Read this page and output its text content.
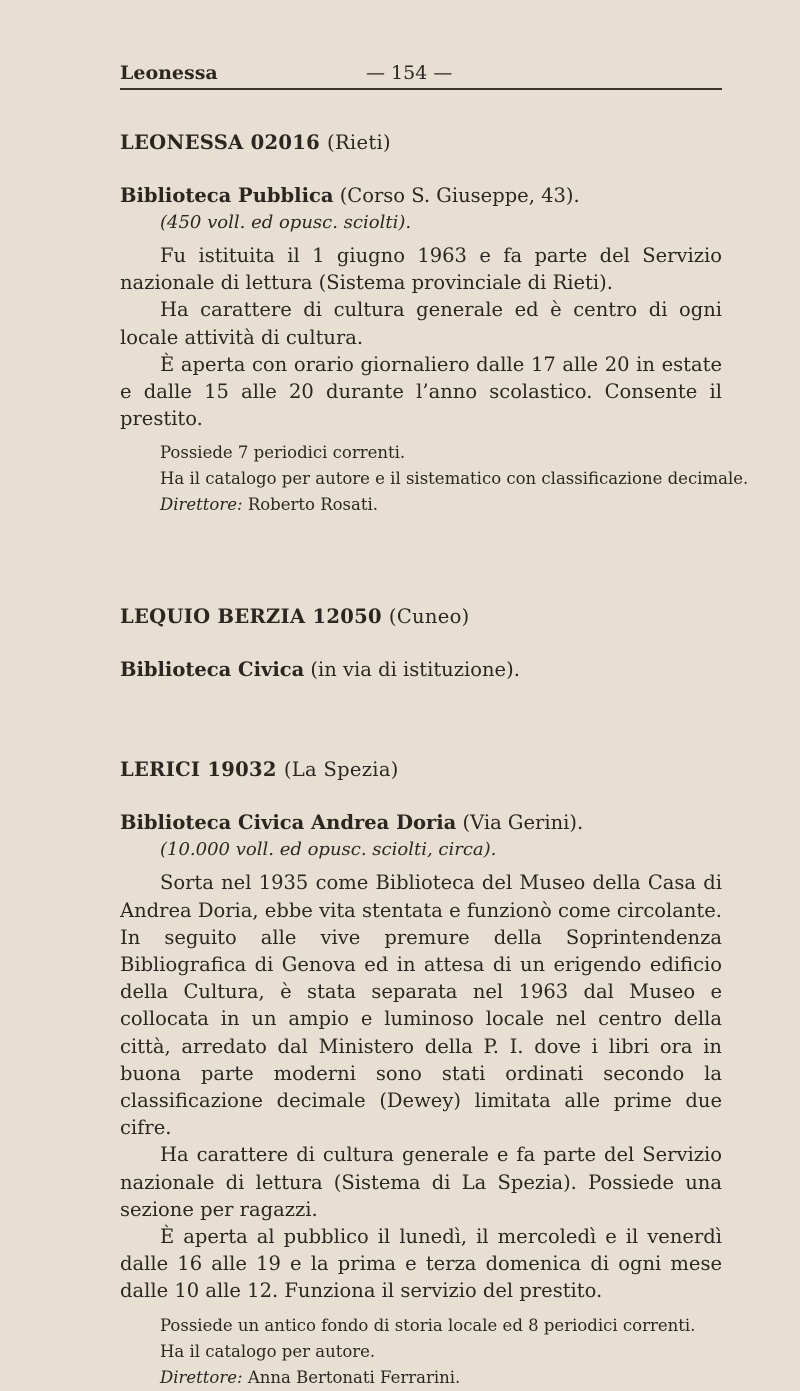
Leonessa	— 154 —

LEONESSA 02016 (Rieti)

Biblioteca Pubblica (Corso S. Giuseppe, 43).

(450 voll. ed opusc. sciolti).

Fu istituita il 1 giugno 1963 e fa parte del Servizio nazionale di lettura (Sistema provinciale di Rieti).

Ha carattere di cultura generale ed è centro di ogni locale attività di cultura.

È aperta con orario giornaliero dalle 17 alle 20 in estate e dalle 15 alle 20 durante l’anno scolastico. Consente il prestito.

Possiede 7 periodici correnti.

Ha il catalogo per autore e il sistematico con classificazione decimale.

Direttore: Roberto Rosati.

LEQUIO BERZIA 12050 (Cuneo)

Biblioteca Civica (in via di istituzione).

LERICI 19032 (La Spezia)

Biblioteca Civica Andrea Doria (Via Gerini).

(10.000 voll. ed opusc. sciolti, circa).

Sorta nel 1935 come Biblioteca del Museo della Casa di Andrea Doria, ebbe vita stentata e funzionò come circolante. In seguito alle vive premure della Soprintendenza Bibliografica di Genova ed in attesa di un erigendo edificio della Cultura, è stata separata nel 1963 dal Museo e collocata in un ampio e luminoso locale nel centro della città, arredato dal Ministero della P. I. dove i libri ora in buona parte moderni sono stati ordinati secondo la classificazione decimale (Dewey) limitata alle prime due cifre.

Ha carattere di cultura generale e fa parte del Servizio nazionale di lettura (Sistema di La Spezia). Possiede una sezione per ragazzi.

È aperta al pubblico il lunedì, il mercoledì e il venerdì dalle 16 alle 19 e la prima e terza domenica di ogni mese dalle 10 alle 12. Funziona il servizio del prestito.

Possiede un antico fondo di storia locale ed 8 periodici correnti.

Ha il catalogo per autore.

Direttore: Anna Bertonati Ferrarini.
